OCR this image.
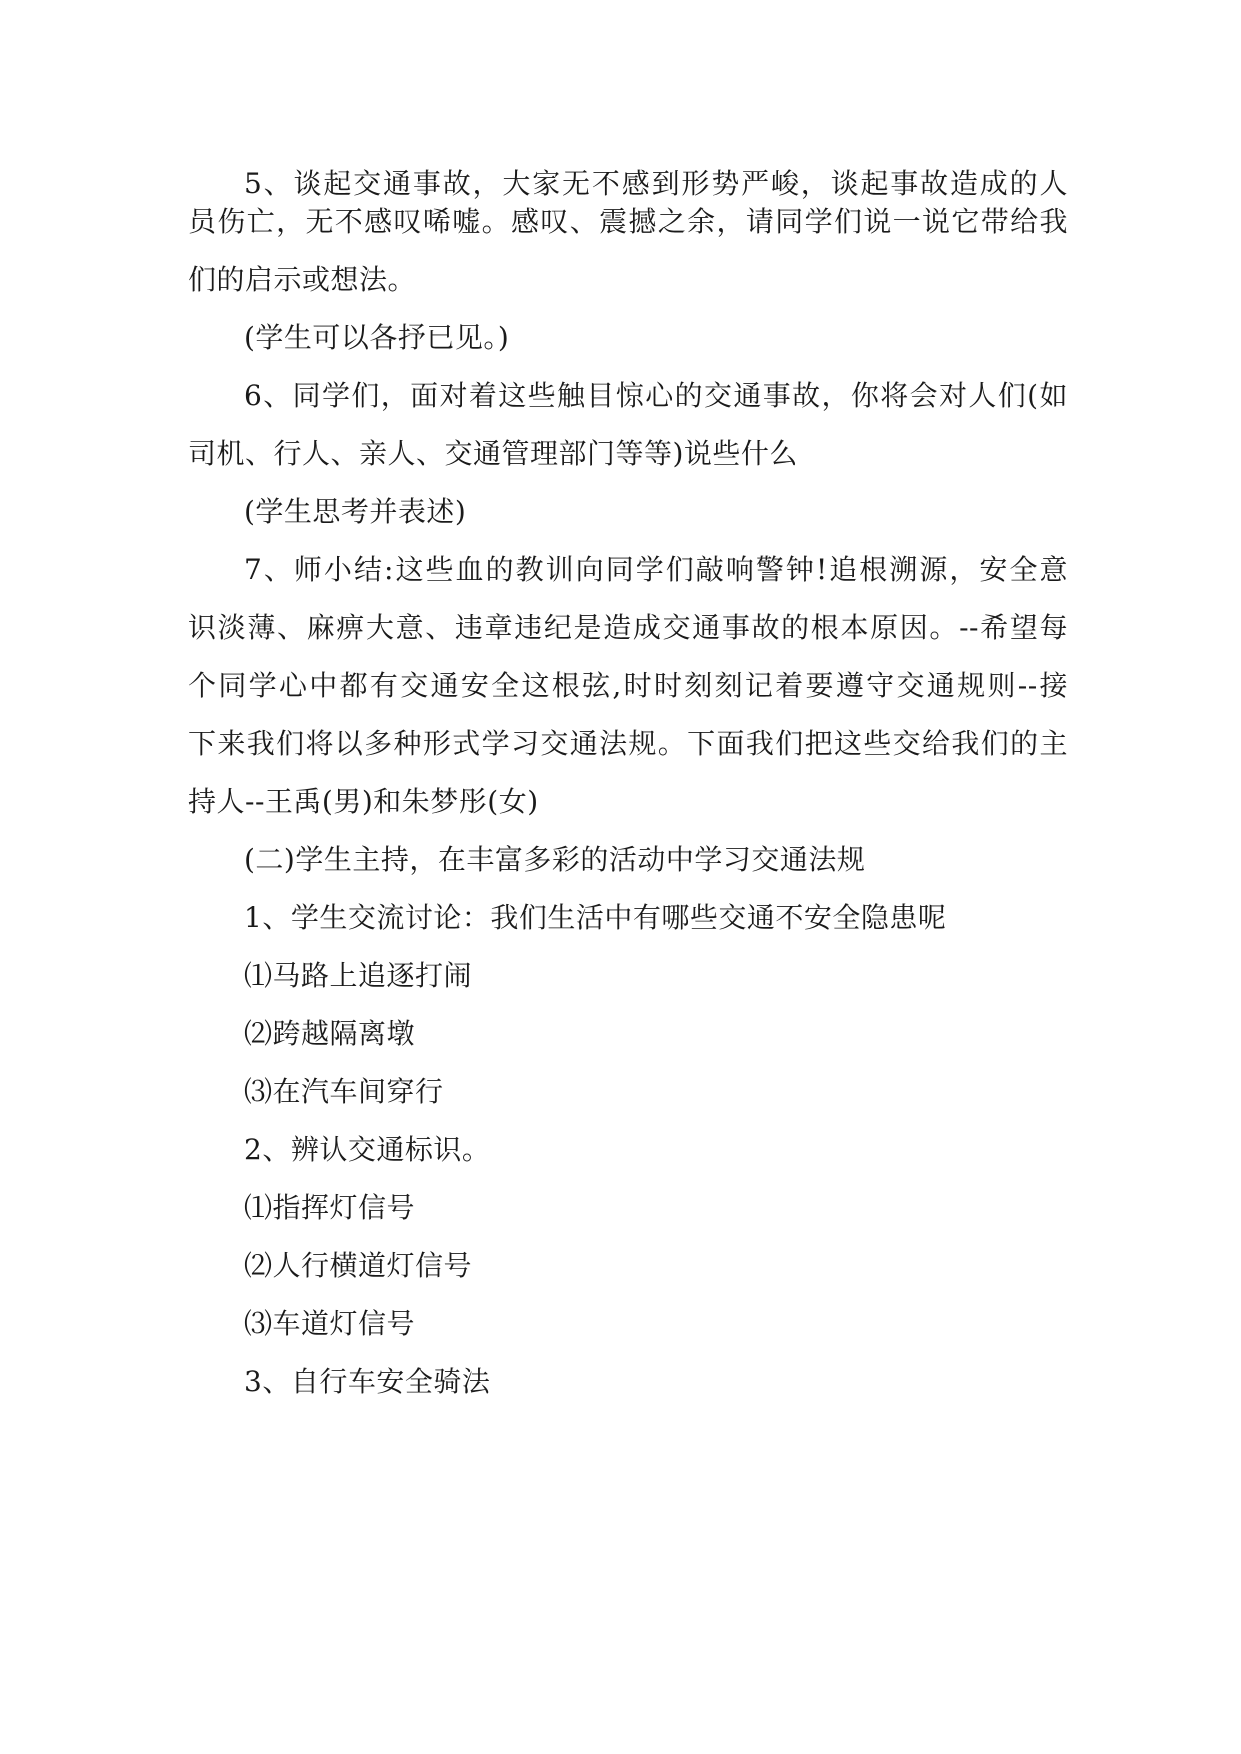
5、谈起交通事故，大家无不感到形势严峻，谈起事故造成的人
员伤亡，无不感叹唏嘘。感叹、震撼之余，请同学们说一说它带给我
们的启示或想法。
(学生可以各抒已见。)
6、同学们，面对着这些触目惊心的交通事故，你将会对人们(如
司机、行人、亲人、交通管理部门等等)说些什么
(学生思考并表述)
7、师小结:这些血的教训向同学们敲响警钟!追根溯源，安全意
识淡薄、麻痹大意、违章违纪是造成交通事故的根本原因。--希望每
个同学心中都有交通安全这根弦,时时刻刻记着要遵守交通规则--接
下来我们将以多种形式学习交通法规。下面我们把这些交给我们的主
持人--王禹(男)和朱梦彤(女)
(二)学生主持，在丰富多彩的活动中学习交通法规
1、学生交流讨论：我们生活中有哪些交通不安全隐患呢
⑴马路上追逐打闹
⑵跨越隔离墩
⑶在汽车间穿行
2、辨认交通标识。
⑴指挥灯信号
⑵人行横道灯信号
⑶车道灯信号
3、自行车安全骑法
